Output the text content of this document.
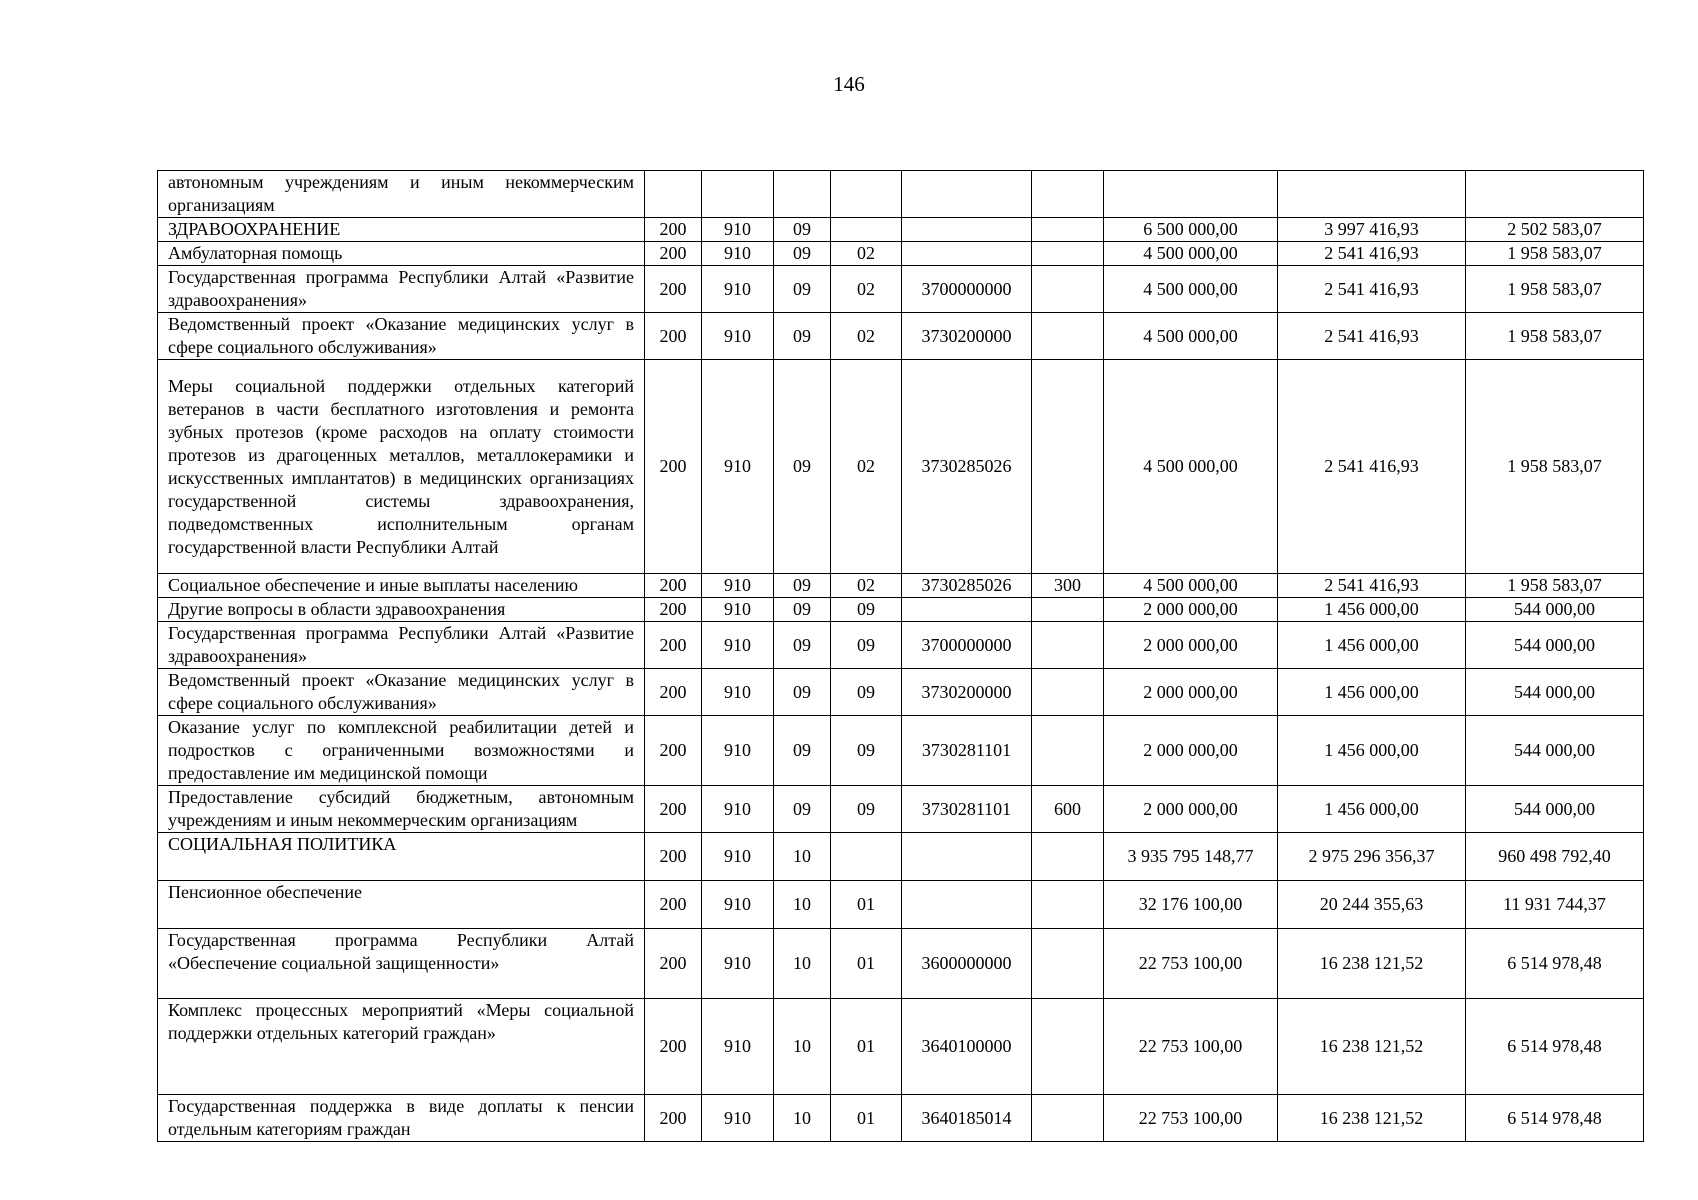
146
автономным учреждениям и иным некоммерческим организациям									
ЗДРАВООХРАНЕНИЕ	200	910	09				6 500 000,00	3 997 416,93	2 502 583,07
Амбулаторная помощь	200	910	09	02			4 500 000,00	2 541 416,93	1 958 583,07
Государственная программа Республики Алтай «Развитие здравоохранения»	200	910	09	02	3700000000		4 500 000,00	2 541 416,93	1 958 583,07
Ведомственный проект «Оказание медицинских услуг в сфере социального обслуживания»	200	910	09	02	3730200000		4 500 000,00	2 541 416,93	1 958 583,07
Меры социальной поддержки отдельных категорий ветеранов в части бесплатного изготовления и ремонта зубных протезов (кроме расходов на оплату стоимости протезов из драгоценных металлов, металлокерамики и искусственных имплантатов) в медицинских организациях государственной системы здравоохранения, подведомственных исполнительным органам государственной власти Республики Алтай	200	910	09	02	3730285026		4 500 000,00	2 541 416,93	1 958 583,07
Социальное обеспечение и иные выплаты населению	200	910	09	02	3730285026	300	4 500 000,00	2 541 416,93	1 958 583,07
Другие вопросы в области здравоохранения	200	910	09	09			2 000 000,00	1 456 000,00	544 000,00
Государственная программа Республики Алтай «Развитие здравоохранения»	200	910	09	09	3700000000		2 000 000,00	1 456 000,00	544 000,00
Ведомственный проект «Оказание медицинских услуг в сфере социального обслуживания»	200	910	09	09	3730200000		2 000 000,00	1 456 000,00	544 000,00
Оказание услуг по комплексной реабилитации детей и подростков с ограниченными возможностями и предоставление им медицинской помощи	200	910	09	09	3730281101		2 000 000,00	1 456 000,00	544 000,00
Предоставление субсидий бюджетным, автономным учреждениям и иным некоммерческим организациям	200	910	09	09	3730281101	600	2 000 000,00	1 456 000,00	544 000,00
СОЦИАЛЬНАЯ ПОЛИТИКА	200	910	10				3 935 795 148,77	2 975 296 356,37	960 498 792,40
Пенсионное обеспечение	200	910	10	01			32 176 100,00	20 244 355,63	11 931 744,37
Государственная программа Республики Алтай «Обеспечение социальной защищенности»	200	910	10	01	3600000000		22 753 100,00	16 238 121,52	6 514 978,48
Комплекс процессных мероприятий «Меры социальной поддержки отдельных категорий граждан»	200	910	10	01	3640100000		22 753 100,00	16 238 121,52	6 514 978,48
Государственная поддержка в виде доплаты к пенсии отдельным категориям граждан	200	910	10	01	3640185014		22 753 100,00	16 238 121,52	6 514 978,48
